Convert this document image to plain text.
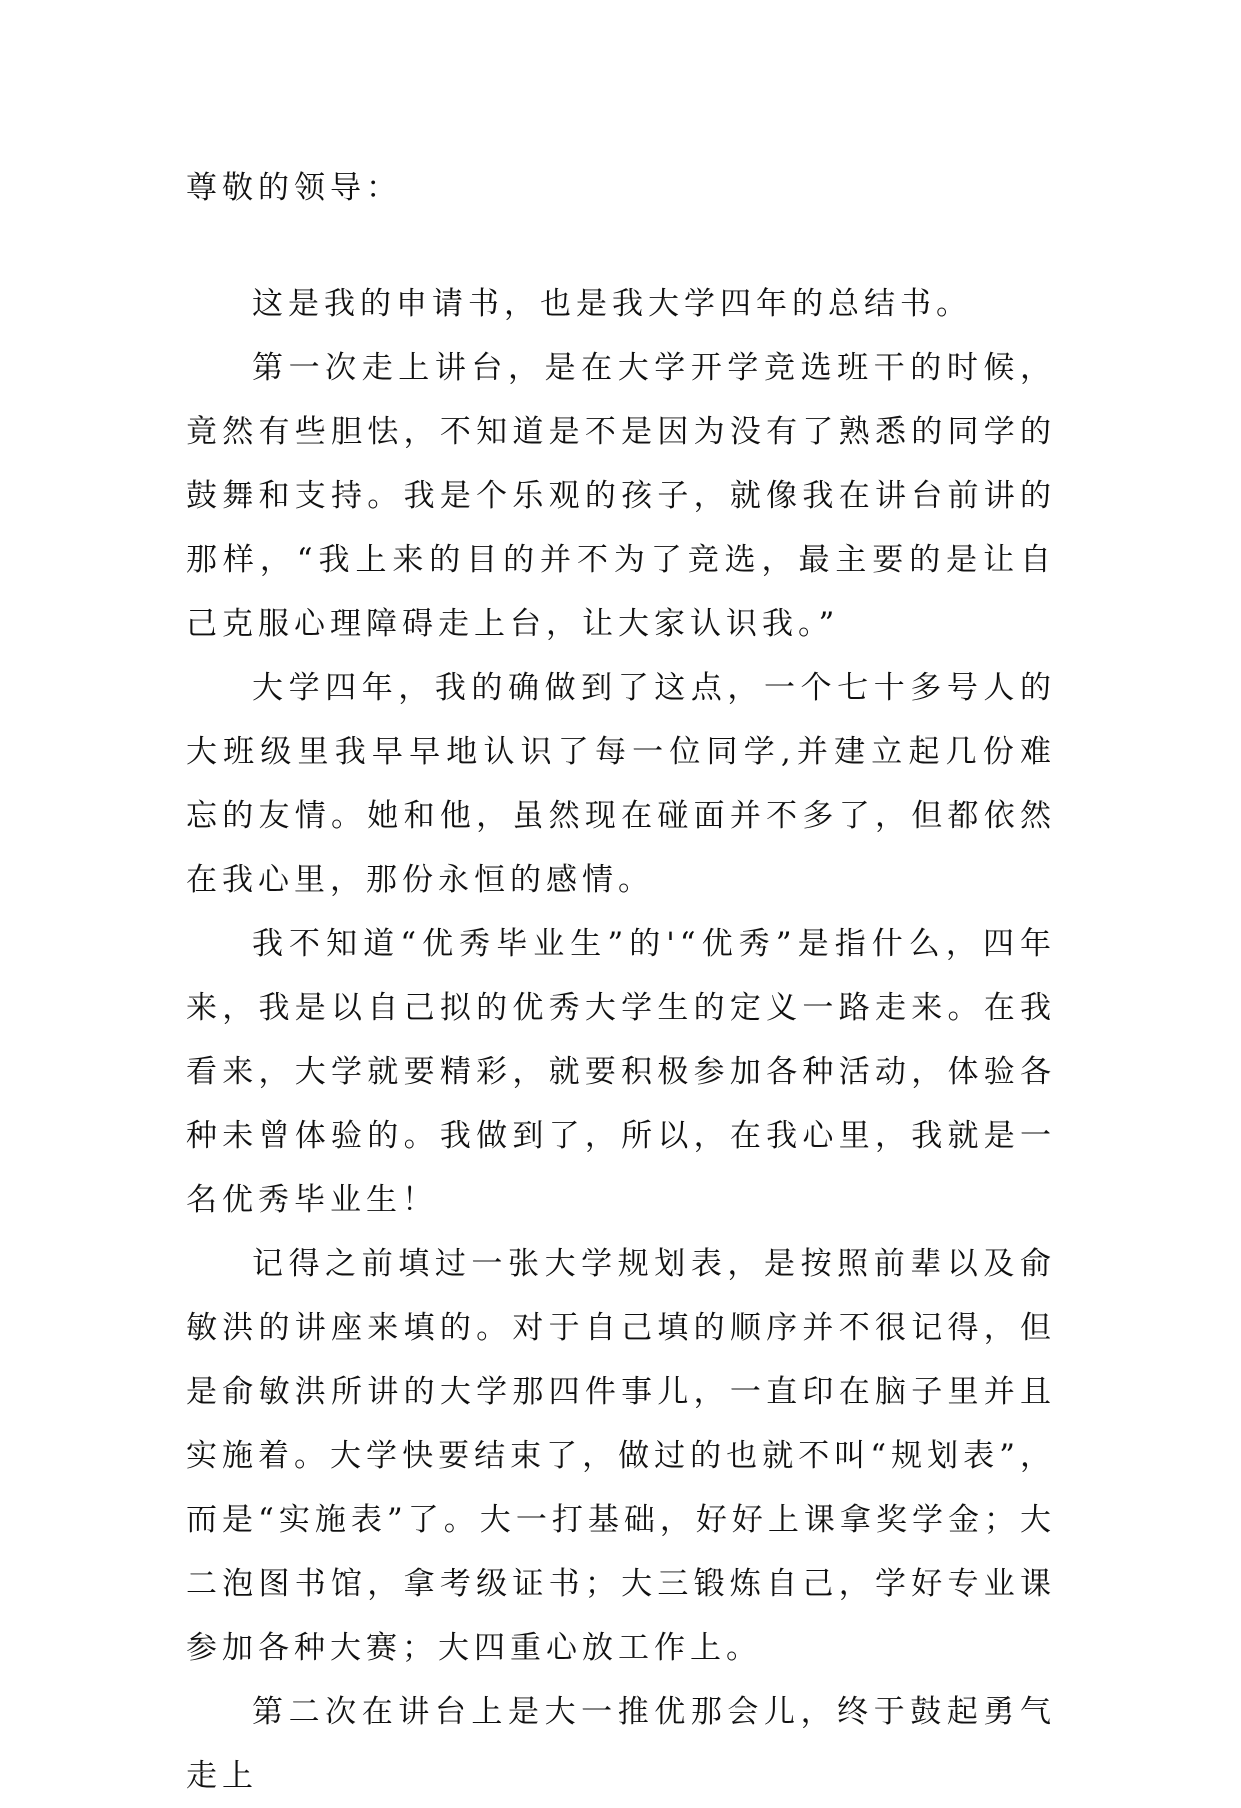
尊敬的领导：

这是我的申请书，也是我大学四年的总结书。

第一次走上讲台，是在大学开学竞选班干的时候，竟然有些胆怯，不知道是不是因为没有了熟悉的同学的鼓舞和支持。我是个乐观的孩子，就像我在讲台前讲的那样，“我上来的目的并不为了竞选，最主要的是让自己克服心理障碍走上台，让大家认识我。”

大学四年，我的确做到了这点，一个七十多号人的大班级里我早早地认识了每一位同学,并建立起几份难忘的友情。她和他，虽然现在碰面并不多了，但都依然在我心里，那份永恒的感情。

我不知道“优秀毕业生”的'“优秀”是指什么，四年来，我是以自己拟的优秀大学生的定义一路走来。在我看来，大学就要精彩，就要积极参加各种活动，体验各种未曾体验的。我做到了，所以，在我心里，我就是一名优秀毕业生！

记得之前填过一张大学规划表，是按照前辈以及俞敏洪的讲座来填的。对于自己填的顺序并不很记得，但是俞敏洪所讲的大学那四件事儿，一直印在脑子里并且实施着。大学快要结束了，做过的也就不叫“规划表”，而是“实施表”了。大一打基础，好好上课拿奖学金；大二泡图书馆，拿考级证书；大三锻炼自己，学好专业课参加各种大赛；大四重心放工作上。

第二次在讲台上是大一推优那会儿，终于鼓起勇气走上
